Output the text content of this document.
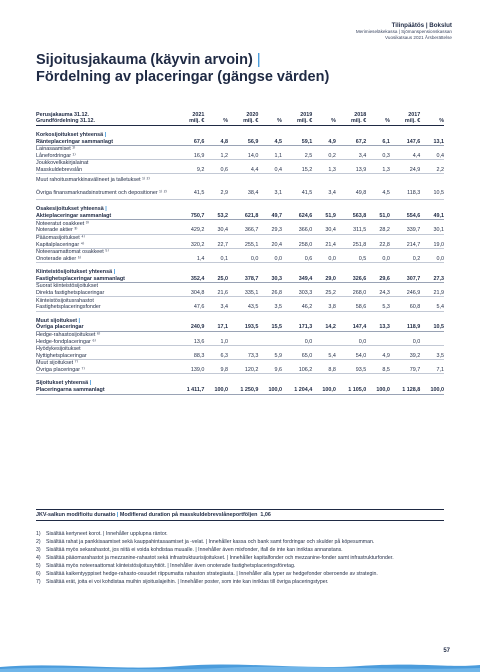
Tilinpäätös | Bokslut
Merimieseläkekassa | Sjömanspensionskassan
Vuosikatsaus 2021 Årsberättelse
Sijoitusjakauma (käyvin arvoin) |
Fördelning av placeringar (gängse värden)
Perusjakauma 31.12.	2021			2020			2019			2018			2017	
Grundfördelning 31.12.	milj. €	%		milj. €	%		milj. €	%		milj. €	%		milj. €	%

Korkosijoitukset yhteensä |														
Ränteplaceringar sammanlagt	67,6	4,8		56,9	4,5		59,1	4,9		67,2	6,1		147,6	13,1
Lainasaamiset ¹⁾														
Lånefordringar ¹⁾	16,9	1,2		14,0	1,1		2,5	0,2		3,4	0,3		4,4	0,4
Joukkovelkakirjalainat														
Masskuldebrevslån	9,2	0,6		4,4	0,4		15,2	1,3		13,9	1,3		24,9	2,2
Muut rahoitusmarkkinavälineet ja talletukset ¹⁾ ²⁾														
Övriga finansmarknadsinstrument och depositioner ¹⁾ ²⁾	41,5	2,9		38,4	3,1		41,5	3,4		49,8	4,5		118,3	10,5

Osakesijoitukset yhteensä |														
Aktieplaceringar sammanlagt	750,7	53,2		621,8	49,7		624,6	51,9		563,8	51,0		554,6	49,1
Noteeratut osakkeet ³⁾														
Noterade aktier ³⁾	429,2	30,4		366,7	29,3		366,0	30,4		311,5	28,2		339,7	30,1
Pääomasijoitukset ⁴⁾														
Kapitalplaceringar ⁴⁾	320,2	22,7		255,1	20,4		258,0	21,4		251,8	22,8		214,7	19,0
Noteeraamattomat osakkeet ⁵⁾														
Onoterade aktier ⁵⁾	1,4	0,1		0,0	0,0		0,6	0,0		0,5	0,0		0,2	0,0

Kiinteistösijoitukset yhteensä |														
Fastighetsplaceringar sammanlagt	352,4	25,0		378,7	30,3		349,4	29,0		326,6	29,6		307,7	27,3
Suorat kiinteistösijoitukset														
Direkta fastighetsplaceringar	304,8	21,6		335,1	26,8		303,3	25,2		268,0	24,3		246,9	21,9
Kiinteistösijoitusrahastot														
Fastighetsplaceringsfonder	47,6	3,4		43,5	3,5		46,2	3,8		58,6	5,3		60,8	5,4

Muut sijoitukset |														
Övriga placeringar	240,9	17,1		193,5	15,5		171,3	14,2		147,4	13,3		118,9	10,5
Hedge-rahastosijoitukset ⁶⁾														
Hedge-fondplaceringar ⁶⁾	13,6	1,0					0,0			0,0			0,0	
Hyödykesijoitukset														
Nyttighetsplaceringar	88,3	6,3		73,3	5,9		65,0	5,4		54,0	4,9		39,2	3,5
Muut sijoitukset ⁷⁾														
Övriga placeringar ⁷⁾	139,0	9,8		120,2	9,6		106,2	8,8		93,5	8,5		79,7	7,1

Sijoitukset yhteensä |														
Placeringarna sammanlagt	1 411,7	100,0		1 250,9	100,0		1 204,4	100,0		1 105,0	100,0		1 128,8	100,0
JKV-salkun modifioitu duraatio | Modifierad duration på masskuldebrevslåneportföljen 1,06
1)	Sisältää kertyneet korot. | Innehåller upplupna räntor.
2)	Sisältää rahat ja pankkisaamiset sekä kauppahintasaamiset ja -velat. | Innehåller kassa och bank samt fordringar och skulder på köpesumman.
3)	Sisältää myös sekarahastot, jos niitä ei voida kohdistaa muualle. | Innehåller även mixfonder, ifall de inte kan inriktas annanstans.
4)	Sisältää pääomarahastot ja mezzanine-rahastot sekä infrastruktuurisijoitukset. | Innehåller kapitalfonder och mezzanine-fonder samt infrastrukturfonder.
5)	Sisältää myös noteeraattomat kiinteistösijoitusyhtiöt. | Innehåller även onoterade fastighetsplaceringsföretag.
6)	Sisältää kaikentyyppiset hedge-rahasto-osuudet riippumatta rahaston strategiasta. | Innehåller alla typer av hedgefonder oberoende av strategin.
7)	Sisältää erät, joita ei voi kohdistaa muihin sijoituslajeihin. | Innehåller poster, som inte kan inriktas till övriga placeringstyper.
57
